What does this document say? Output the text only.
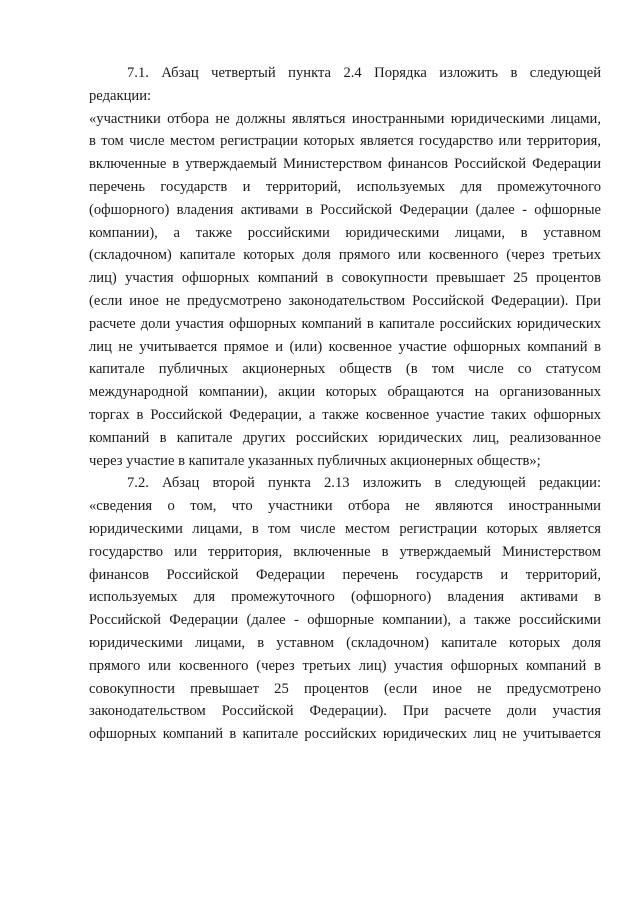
7.1. Абзац четвертый пункта 2.4 Порядка изложить в следующей
редакции:
«участники отбора не должны являться иностранными юридическими лицами,
в том числе местом регистрации которых является государство или территория,
включенные в утверждаемый Министерством финансов Российской Федерации
перечень государств и территорий, используемых для промежуточного
(офшорного) владения активами в Российской Федерации (далее - офшорные
компании), а также российскими юридическими лицами, в уставном
(складочном) капитале которых доля прямого или косвенного (через третьих
лиц) участия офшорных компаний в совокупности превышает 25 процентов
(если иное не предусмотрено законодательством Российской Федерации). При
расчете доли участия офшорных компаний в капитале российских юридических
лиц не учитывается прямое и (или) косвенное участие офшорных компаний в
капитале публичных акционерных обществ (в том числе со статусом
международной компании), акции которых обращаются на организованных
торгах в Российской Федерации, а также косвенное участие таких офшорных
компаний в капитале других российских юридических лиц, реализованное
через участие в капитале указанных публичных акционерных обществ»;
7.2. Абзац второй пункта 2.13 изложить в следующей редакции:
«сведения о том, что участники отбора не являются иностранными
юридическими лицами, в том числе местом регистрации которых является
государство или территория, включенные в утверждаемый Министерством
финансов Российской Федерации перечень государств и территорий,
используемых для промежуточного (офшорного) владения активами в
Российской Федерации (далее - офшорные компании), а также российскими
юридическими лицами, в уставном (складочном) капитале которых доля
прямого или косвенного (через третьих лиц) участия офшорных компаний в
совокупности превышает 25 процентов (если иное не предусмотрено
законодательством Российской Федерации). При расчете доли участия
офшорных компаний в капитале российских юридических лиц не учитывается
